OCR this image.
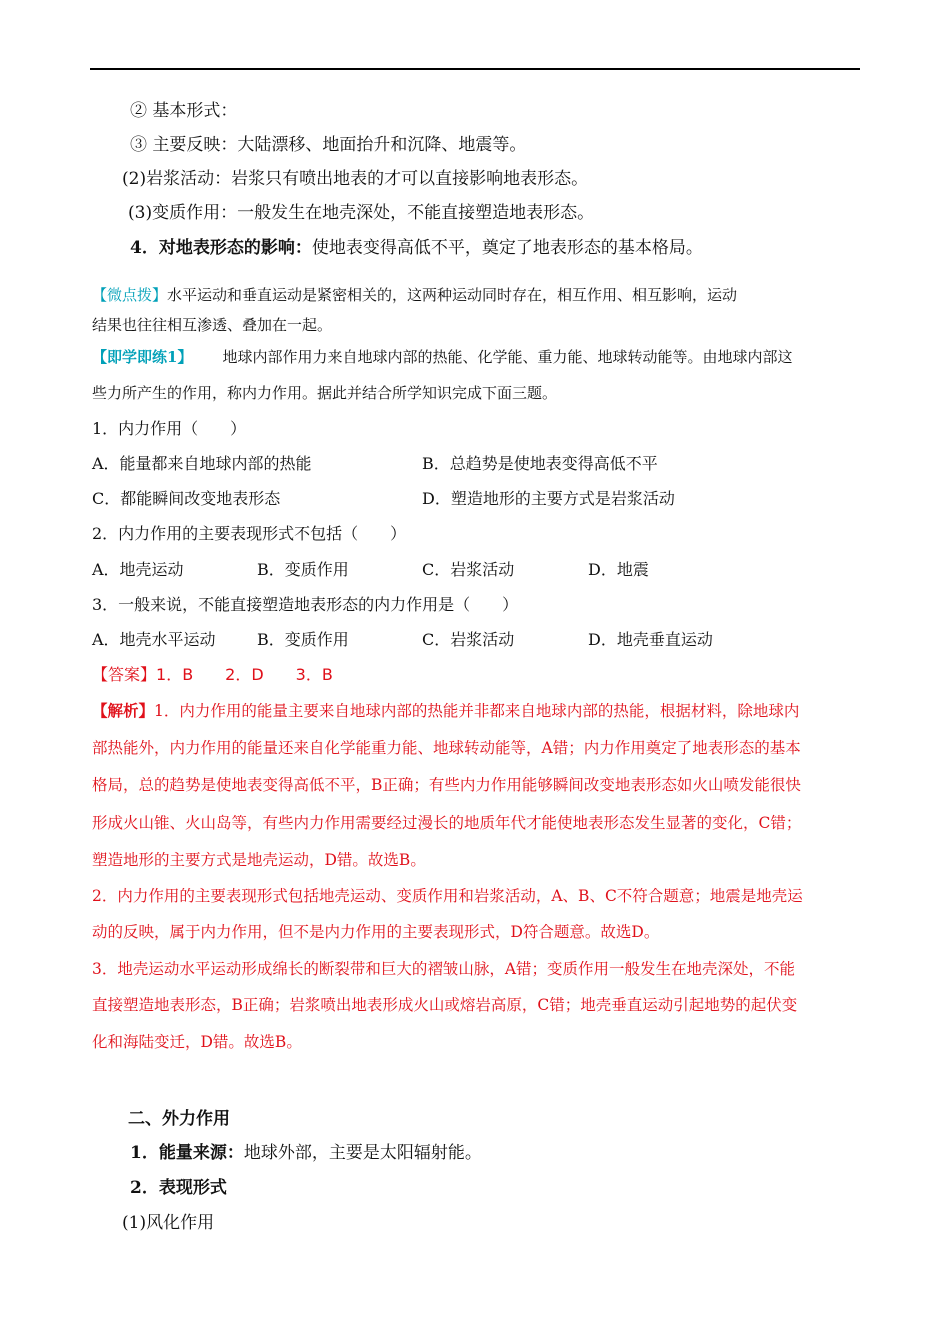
② 基本形式：
③ 主要反映：大陆漂移、地面抬升和沉降、地震等。
(2)岩浆活动：岩浆只有喷出地表的才可以直接影响地表形态。
(3)变质作用：一般发生在地壳深处，不能直接塑造地表形态。
4．对地表形态的影响：使地表变得高低不平，奠定了地表形态的基本格局。
【微点拨】水平运动和垂直运动是紧密相关的，这两种运动同时存在，相互作用、相互影响，运动
结果也往往相互渗透、叠加在一起。
【即学即练1】 地球内部作用力来自地球内部的热能、化学能、重力能、地球转动能等。由地球内部这
些力所产生的作用，称内力作用。据此并结合所学知识完成下面三题。
1．内力作用（　　）
A．能量都来自地球内部的热能	B．总趋势是使地表变得高低不平
C．都能瞬间改变地表形态	D．塑造地形的主要方式是岩浆活动
2．内力作用的主要表现形式不包括（　　）
A．地壳运动	B．变质作用	C．岩浆活动	D．地震
3．一般来说，不能直接塑造地表形态的内力作用是（　　）
A．地壳水平运动	B．变质作用	C．岩浆活动	D．地壳垂直运动
【答案】1．B　　2．D　　3．B
【解析】1．内力作用的能量主要来自地球内部的热能并非都来自地球内部的热能，根据材料，除地球内
部热能外，内力作用的能量还来自化学能重力能、地球转动能等，A错；内力作用奠定了地表形态的基本
格局，总的趋势是使地表变得高低不平，B正确；有些内力作用能够瞬间改变地表形态如火山喷发能很快
形成火山锥、火山岛等，有些内力作用需要经过漫长的地质年代才能使地表形态发生显著的变化，C错；
塑造地形的主要方式是地壳运动，D错。故选B。
2．内力作用的主要表现形式包括地壳运动、变质作用和岩浆活动，A、B、C不符合题意；地震是地壳运
动的反映，属于内力作用，但不是内力作用的主要表现形式，D符合题意。故选D。
3．地壳运动水平运动形成绵长的断裂带和巨大的褶皱山脉，A错；变质作用一般发生在地壳深处，不能
直接塑造地表形态，B正确；岩浆喷出地表形成火山或熔岩高原，C错；地壳垂直运动引起地势的起伏变
化和海陆变迁，D错。故选B。
二、外力作用
1．能量来源：地球外部，主要是太阳辐射能。
2．表现形式
(1)风化作用
